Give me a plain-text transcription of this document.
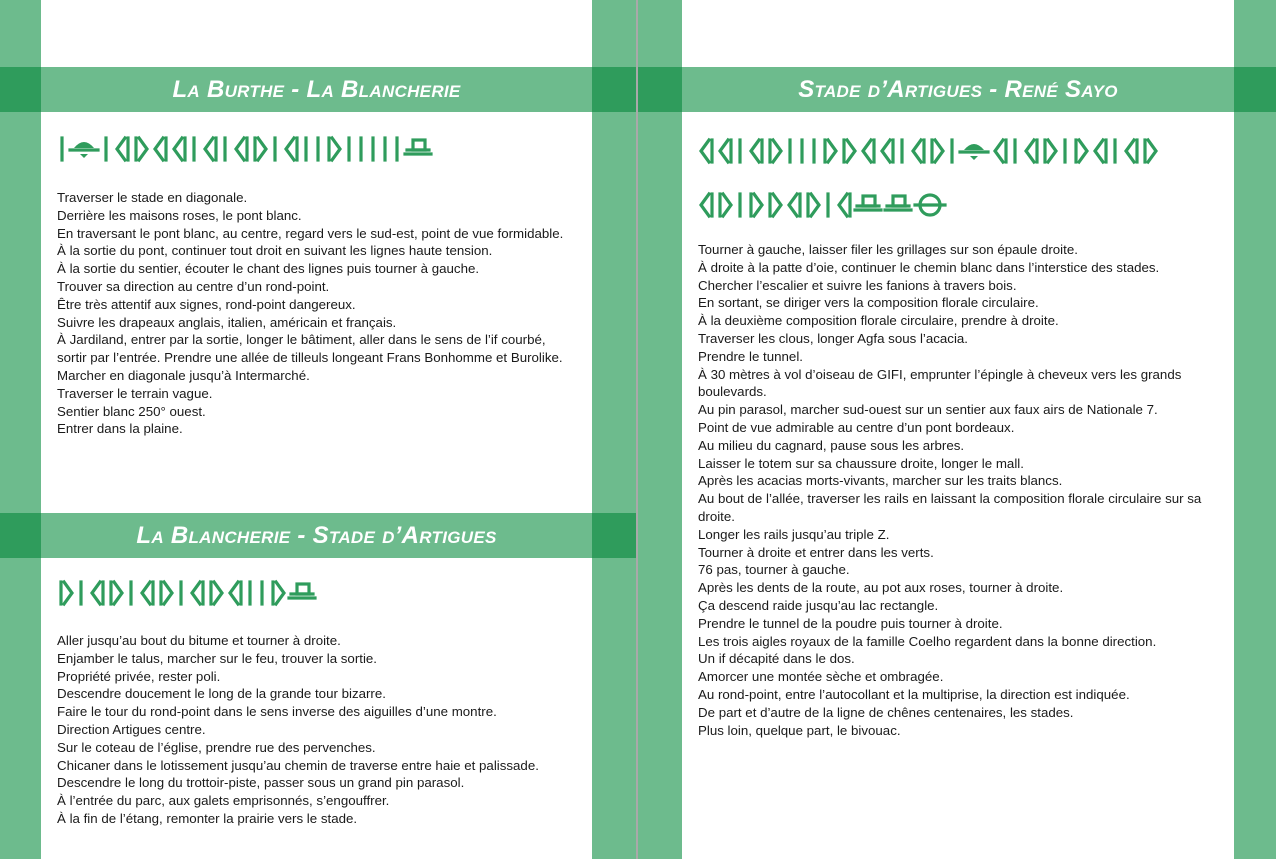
La Burthe - La Blancherie
La Blancherie - Stade d’Artigues
Stade d’Artigues - René Sayo
Traverser le stade en diagonale.
Derrière les maisons roses, le pont blanc.
En traversant le pont blanc, au centre, regard vers le sud-est, point de vue formidable.
À la sortie du pont, continuer tout droit en suivant les lignes haute tension.
À la sortie du sentier, écouter le chant des lignes puis tourner à gauche.
Trouver sa direction au centre d’un rond-point.
Être très attentif aux signes, rond-point dangereux.
Suivre les drapeaux anglais, italien, américain et français.
À Jardiland, entrer par la sortie, longer le bâtiment, aller dans le sens de l’if courbé, sortir par l’entrée. Prendre une allée de tilleuls longeant Frans Bonhomme et Burolike.
Marcher en diagonale jusqu’à Intermarché.
Traverser le terrain vague.
Sentier blanc 250° ouest.
Entrer dans la plaine.
Aller jusqu’au bout du bitume et tourner à droite.
Enjamber le talus, marcher sur le feu, trouver la sortie.
Propriété privée, rester poli.
Descendre doucement le long de la grande tour bizarre.
Faire le tour du rond-point dans le sens inverse des aiguilles d’une montre.
Direction Artigues centre.
Sur le coteau de l’église, prendre rue des pervenches.
Chicaner dans le lotissement jusqu’au chemin de traverse entre haie et palissade.
Descendre le long du trottoir-piste, passer sous un grand pin parasol.
À l’entrée du parc, aux galets emprisonnés, s’engouffrer.
À la fin de l’étang, remonter la prairie vers le stade.
Tourner à gauche, laisser filer les grillages sur son épaule droite.
À droite à la patte d’oie, continuer le chemin blanc dans l’interstice des stades.
Chercher l’escalier et suivre les fanions à travers bois.
En sortant, se diriger vers la composition florale circulaire.
À la deuxième composition florale circulaire, prendre à droite.
Traverser les clous, longer Agfa sous l’acacia.
Prendre le tunnel.
À 30 mètres à vol d’oiseau de GIFI, emprunter l’épingle à cheveux vers les grands boulevards.
Au pin parasol, marcher sud-ouest sur un sentier aux faux airs de Nationale 7.
Point de vue admirable au centre d’un pont bordeaux.
Au milieu du cagnard, pause sous les arbres.
Laisser le totem sur sa chaussure droite, longer le mall.
Après les acacias morts-vivants, marcher sur les traits blancs.
Au bout de l’allée, traverser les rails en laissant la composition florale circulaire sur sa droite.
Longer les rails jusqu’au triple Z.
Tourner à droite et entrer dans les verts.
76 pas, tourner à gauche.
Après les dents de la route, au pot aux roses, tourner à droite.
Ça descend raide jusqu’au lac rectangle.
Prendre le tunnel de la poudre puis tourner à droite.
Les trois aigles royaux de la famille Coelho regardent dans la bonne direction.
Un if décapité dans le dos.
Amorcer une montée sèche et ombragée.
Au rond-point, entre l’autocollant et la multiprise, la direction est indiquée.
De part et d’autre de la ligne de chênes centenaires, les stades.
Plus loin, quelque part, le bivouac.
